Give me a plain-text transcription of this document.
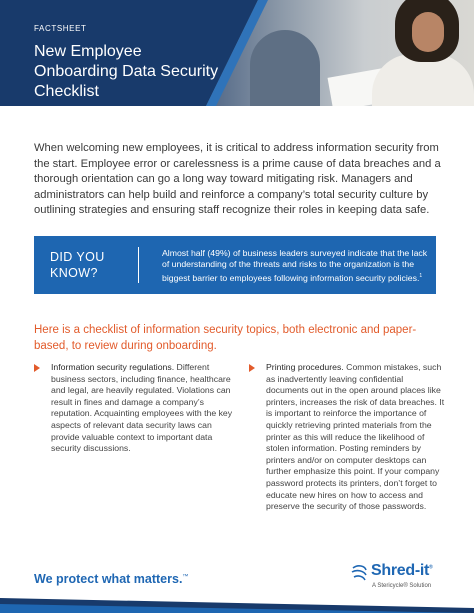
FACTSHEET
New Employee Onboarding Data Security Checklist

When welcoming new employees, it is critical to address information security from the start. Employee error or carelessness is a prime cause of data breaches and a thorough orientation can go a long way toward mitigating risk. Managers and administrators can help build and reinforce a company’s total security culture by outlining strategies and ensuring staff recognize their roles in keeping data safe.

DID YOU KNOW?
Almost half (49%) of business leaders surveyed indicate that the lack of understanding of the threats and risks to the organization is the biggest barrier to employees following information security policies.$^1$

Here is a checklist of information security topics, both electronic and paper-based, to review during onboarding.

Information security regulations. Different business sectors, including finance, healthcare and legal, are heavily regulated. Violations can result in fines and damage a company’s reputation. Acquainting employees with the key aspects of relevant data security laws can provide valuable context to important data security discussions.
Printing procedures. Common mistakes, such as inadvertently leaving confidential documents out in the open around places like printers, increases the risk of data breaches. It is important to reinforce the importance of quickly retrieving printed materials from the printer as this will reduce the likelihood of stolen information. Posting reminders by printers and/or on computer desktops can further emphasize this point. If your company password protects its printers, don’t forget to educate new hires on how to access and preserve the security of those passwords.
We protect what matters.™	Shred-it®
A Stericycle® Solution
